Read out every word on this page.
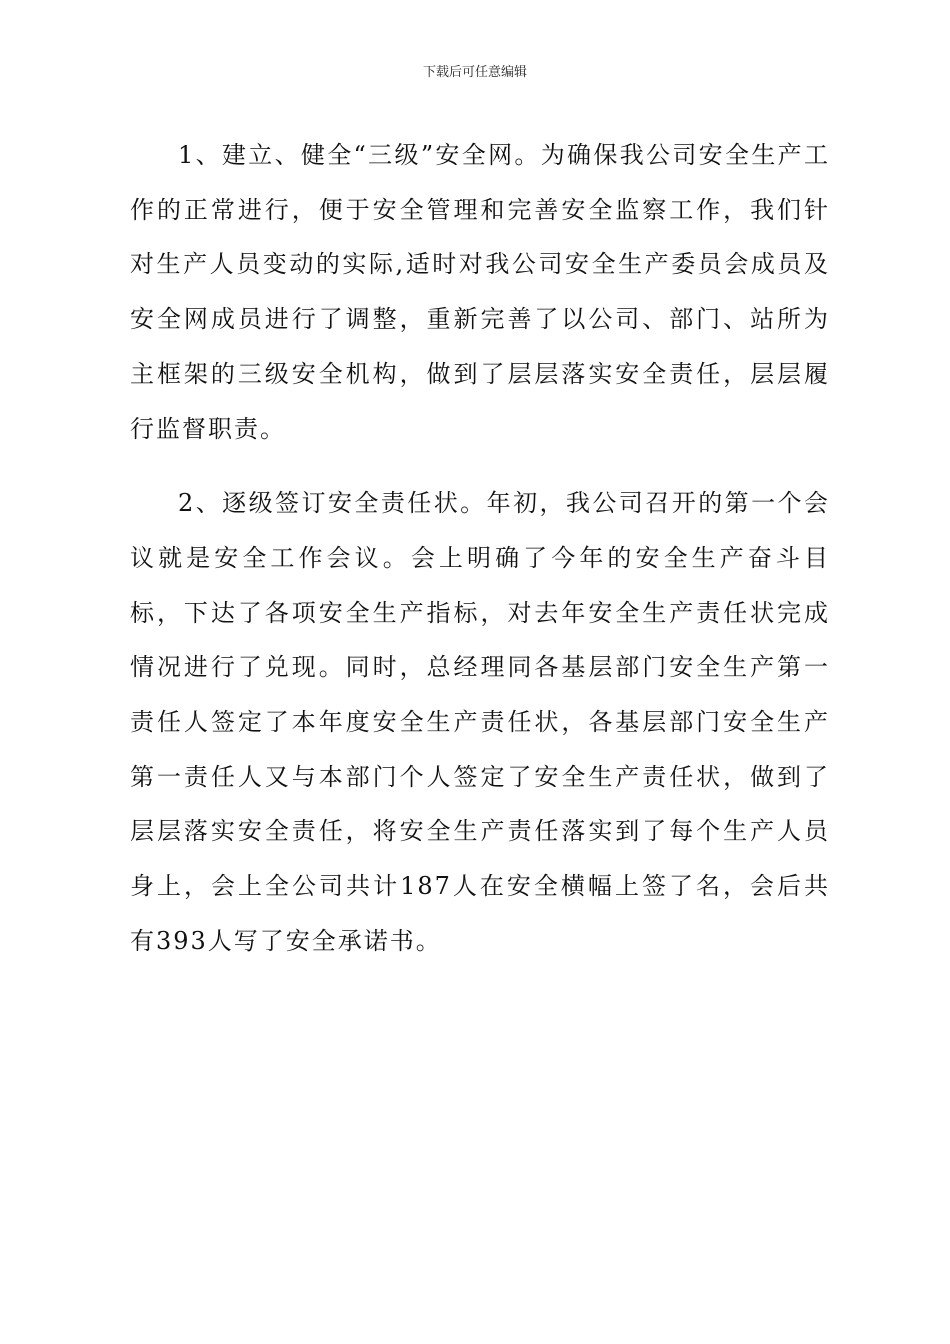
下载后可任意编辑

1、建立、健全“三级”安全网。为确保我公司安全生产工作的正常进行，便于安全管理和完善安全监察工作，我们针对生产人员变动的实际,适时对我公司安全生产委员会成员及安全网成员进行了调整，重新完善了以公司、部门、站所为主框架的三级安全机构，做到了层层落实安全责任，层层履行监督职责。

2、逐级签订安全责任状。年初，我公司召开的第一个会议就是安全工作会议。会上明确了今年的安全生产奋斗目标，下达了各项安全生产指标，对去年安全生产责任状完成情况进行了兑现。同时，总经理同各基层部门安全生产第一责任人签定了本年度安全生产责任状，各基层部门安全生产第一责任人又与本部门个人签定了安全生产责任状，做到了层层落实安全责任，将安全生产责任落实到了每个生产人员身上，会上全公司共计187人在安全横幅上签了名，会后共有393人写了安全承诺书。
